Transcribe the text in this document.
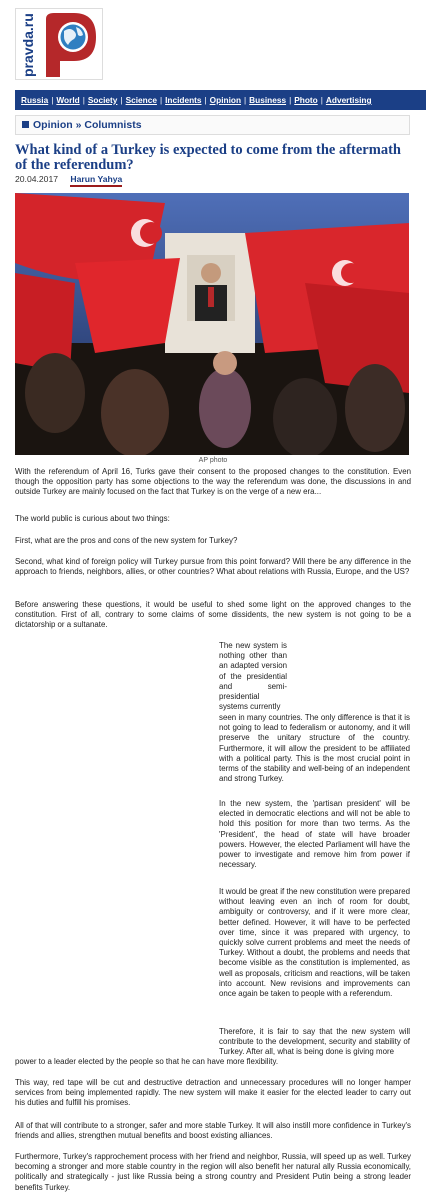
pravda.ru
Russia | World | Society | Science | Incidents | Opinion | Business | Photo | Advertising
Opinion » Columnists
What kind of a Turkey is expected to come from the aftermath of the referendum?
20.04.2017 Harun Yahya
AP photo

With the referendum of April 16, Turks gave their consent to the proposed changes to the constitution. Even though the opposition party has some objections to the way the referendum was done, the discussions in and outside Turkey are mainly focused on the fact that Turkey is on the verge of a new era...

The world public is curious about two things:

First, what are the pros and cons of the new system for Turkey?

Second, what kind of foreign policy will Turkey pursue from this point forward? Will there be any difference in the approach to friends, neighbors, allies, or other countries? What about relations with Russia, Europe, and the US?

Before answering these questions, it would be useful to shed some light on the approved changes to the constitution. First of all, contrary to some claims of some dissidents, the new system is not going to be a dictatorship or a sultanate.

The new system is nothing other than an adapted version of the presidential and semi-presidential systems currently

seen in many countries. The only difference is that it is not going to lead to federalism or autonomy, and it will preserve the unitary structure of the country. Furthermore, it will allow the president to be affiliated with a political party. This is the most crucial point in terms of the stability and well-being of an independent and strong Turkey.

In the new system, the 'partisan president' will be elected in democratic elections and will not be able to hold this position for more than two terms. As the 'President', the head of state will have broader powers. However, the elected Parliament will have the power to investigate and remove him from power if necessary.

It would be great if the new constitution were prepared without leaving even an inch of room for doubt, ambiguity or controversy, and if it were more clear, better defined. However, it will have to be perfected over time, since it was prepared with urgency, to quickly solve current problems and meet the needs of Turkey. Without a doubt, the problems and needs that become visible as the constitution is implemented, as well as proposals, criticism and reactions, will be taken into account. New revisions and improvements can once again be taken to people with a referendum.

Therefore, it is fair to say that the new system will contribute to the development, security and stability of Turkey. After all, what is being done is giving more

power to a leader elected by the people so that he can have more flexibility.

This way, red tape will be cut and destructive detraction and unnecessary procedures will no longer hamper services from being implemented rapidly. The new system will make it easier for the elected leader to carry out his duties and fulfill his promises.

All of that will contribute to a stronger, safer and more stable Turkey. It will also instill more confidence in Turkey's friends and allies, strengthen mutual benefits and boost existing alliances.

Furthermore, Turkey's rapprochement process with her friend and neighbor, Russia, will speed up as well. Turkey becoming a stronger and more stable country in the region will also benefit her natural ally Russia economically, politically and strategically - just like Russia being a strong country and President Putin being a strong leader benefits Turkey.
